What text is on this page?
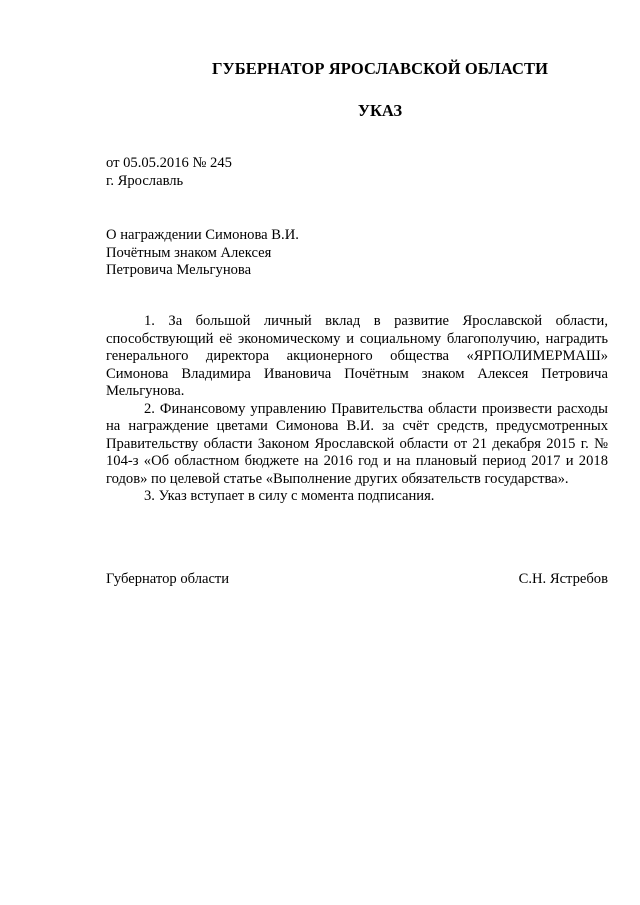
ГУБЕРНАТОР ЯРОСЛАВСКОЙ ОБЛАСТИ
УКАЗ
от 05.05.2016 № 245
г. Ярославль
О награждении Симонова В.И.
Почётным знаком Алексея
Петровича Мельгунова

1. За большой личный вклад в развитие Ярославской области, способствующий её экономическому и социальному благополучию, наградить генерального директора акционерного общества «ЯРПОЛИМЕРМАШ» Симонова Владимира Ивановича Почётным знаком Алексея Петровича Мельгунова.

2. Финансовому управлению Правительства области произвести расходы на награждение цветами Симонова В.И. за счёт средств, предусмотренных Правительству области Законом Ярославской области от 21 декабря 2015 г. № 104-з «Об областном бюджете на 2016 год и на плановый период 2017 и 2018 годов» по целевой статье «Выполнение других обязательств государства».

3. Указ вступает в силу с момента подписания.

Губернатор области	С.Н. Ястребов
